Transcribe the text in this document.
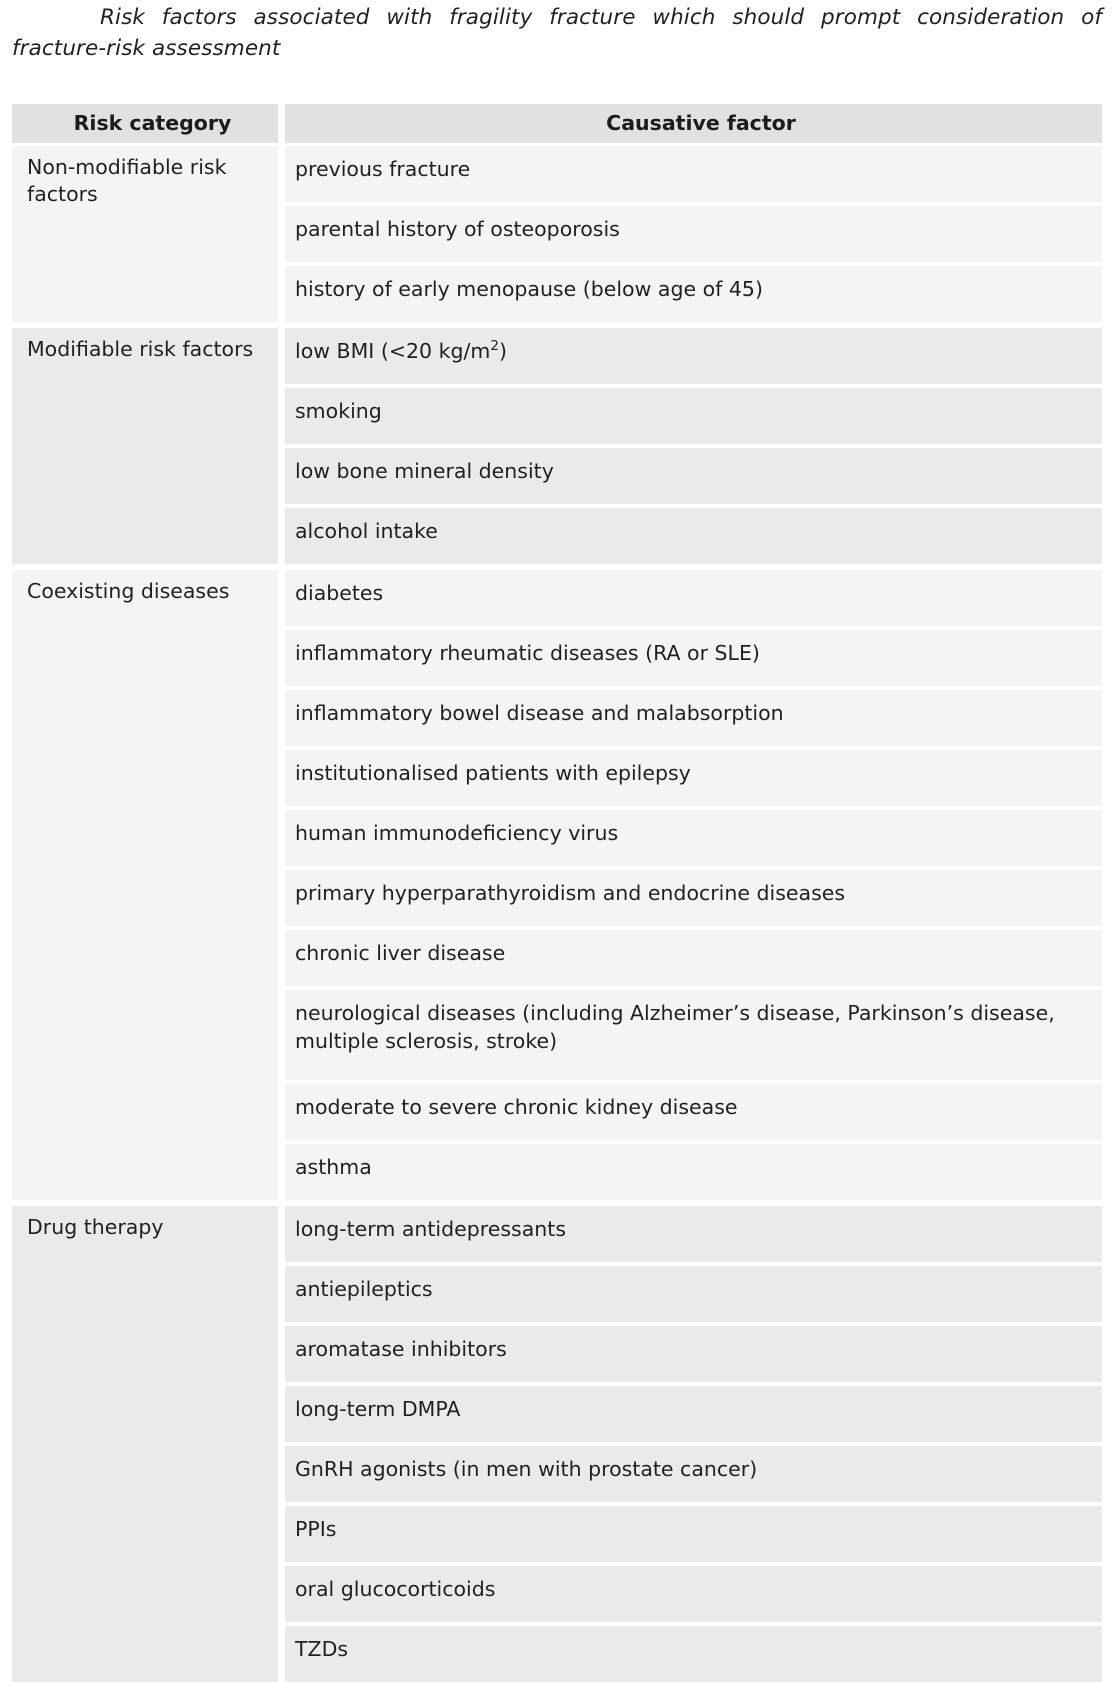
Risk factors associated with fragility fracture which should prompt consideration of fracture-risk assessment
Risk category	Causative factor

Non-modifiable risk factors	previous fracture

	parental history of osteoporosis

	history of early menopause (below age of 45)

Modifiable risk factors	low BMI (<20 $kg/m^2$)

	smoking

	low bone mineral density

	alcohol intake

Coexisting diseases	diabetes

	inflammatory rheumatic diseases (RA or SLE)

	inflammatory bowel disease and malabsorption

	institutionalised patients with epilepsy

	human immunodeficiency virus

	primary hyperparathyroidism and endocrine diseases

	chronic liver disease

	neurological diseases (including Alzheimer’s disease, Parkinson’s disease, multiple sclerosis, stroke)

	moderate to severe chronic kidney disease

	asthma

Drug therapy	long-term antidepressants

	antiepileptics

	aromatase inhibitors

	long-term DMPA

	GnRH agonists (in men with prostate cancer)

	PPIs

	oral glucocorticoids

	TZDs
